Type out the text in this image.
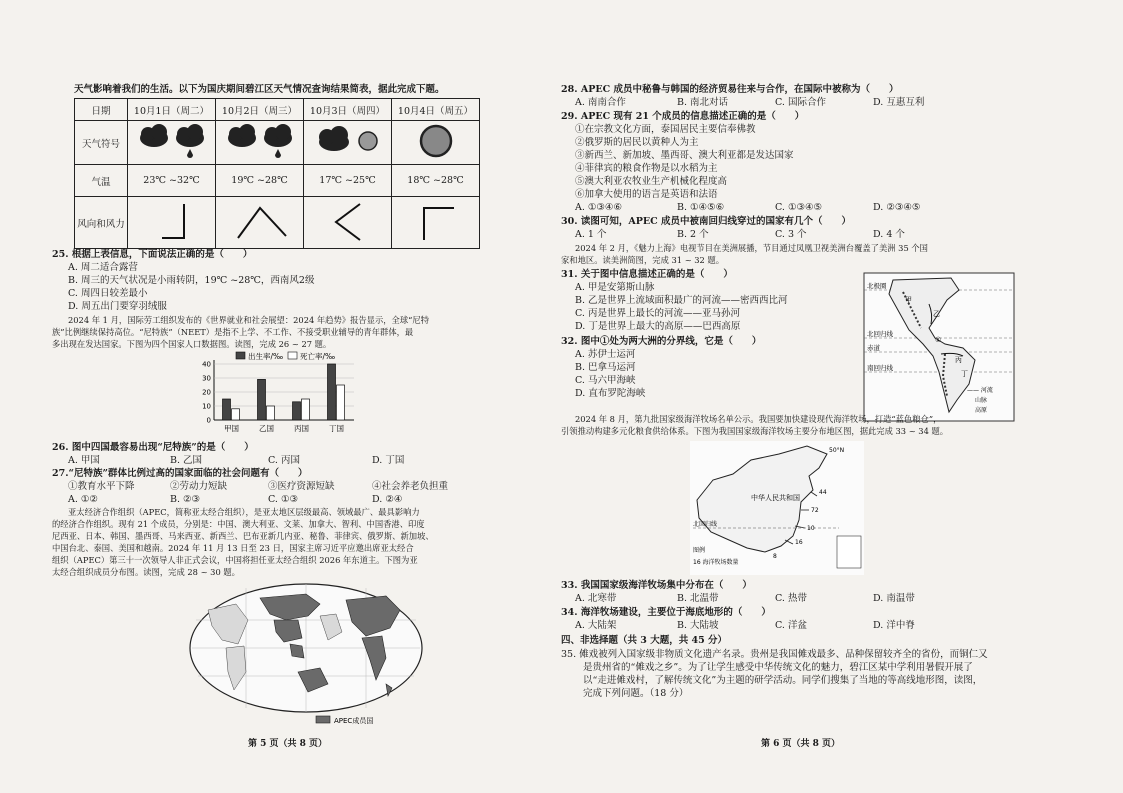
天气影响着我们的生活。以下为国庆期间碧江区天气情况查询结果简表，据此完成下题。
日期	10月1日（周二）	10月2日（周三）	10月3日（周四）	10月4日（周五）
天气符号				
气温	23℃ ~32℃	19℃ ~28℃	17℃ ~25℃	18℃ ~28℃
风向和风力				
25. 根据上表信息，下面说法正确的是（　　）
A. 周二适合露营
B. 周三的天气状况是小雨转阴，19℃ ~28℃，西南风2级
C. 周四日较差最小
D. 周五出门要穿羽绒服
2024 年 1 月，国际劳工组织发布的《世界就业和社会展望：2024 年趋势》报告显示，全球“尼特
族”比例继续保持高位。“尼特族”（NEET）是指不上学、不工作、不接受职业辅导的青年群体，最
多出现在发达国家。下图为四个国家人口数据图。读图，完成 26 ~ 27 题。
0
10
20
30
40
甲国	乙国	丙国	丁国
出生率/‰ 死亡率/‰
26. 图中四国最容易出现“尼特族”的是（　　）
A. 甲国	B. 乙国	C. 丙国	D. 丁国
27.“尼特族”群体比例过高的国家面临的社会问题有（　　）
①教育水平下降	②劳动力短缺	③医疗资源短缺	④社会养老负担重
A. ①②	B. ②③	C. ①③	D. ②④
亚太经济合作组织（APEC，简称亚太经合组织），是亚太地区层级最高、领域最广、最具影响力
的经济合作组织。现有 21 个成员，分别是：中国、澳大利亚、文莱、加拿大、智利、中国香港、印度
尼西亚、日本、韩国、墨西哥、马来西亚、新西兰、巴布亚新几内亚、秘鲁、菲律宾、俄罗斯、新加坡、
中国台北、泰国、美国和越南。2024 年 11 月 13 日至 23 日，国家主席习近平应邀出席亚太经合
组织（APEC）第三十一次领导人非正式会议，中国将担任亚太经合组织 2026 年东道主。下图为亚
太经合组织成员分布图。读图，完成 28 ~ 30 题。
APEC成员国
第 5 页（共 8 页）
28. APEC 成员中秘鲁与韩国的经济贸易往来与合作，在国际中被称为（　　）
A. 南南合作	B. 南北对话	C. 国际合作	D. 互惠互利
29. APEC 现有 21 个成员的信息描述正确的是（　　）
①在宗教文化方面，泰国居民主要信奉佛教
②俄罗斯的居民以黄种人为主
③新西兰、新加坡、墨西哥、澳大利亚都是发达国家
④菲律宾的粮食作物是以水稻为主
⑤澳大利亚农牧业生产机械化程度高
⑥加拿大使用的语言是英语和法语
A. ①③④⑥	B. ①④⑤⑥	C. ①③④⑤	D. ②③④⑤
30. 读图可知，APEC 成员中被南回归线穿过的国家有几个（　　）
A. 1 个	B. 2 个	C. 3 个	D. 4 个
2024 年 2 月，《魅力上海》电视节目在美洲展播，节目通过凤凰卫视美洲台覆盖了美洲 35 个国
家和地区。读美洲简图，完成 31 ~ 32 题。
31. 关于图中信息描述正确的是（　　）
A. 甲是安第斯山脉
B. 乙是世界上流域面积最广的河流——密西西比河
C. 丙是世界上最长的河流——亚马孙河
D. 丁是世界上最大的高原——巴西高原
32. 图中①处为两大洲的分界线，它是（　　）
A. 苏伊士运河
B. 巴拿马运河
C. 马六甲海峡
D. 直布罗陀海峡
北极圈
北回归线
赤道
南回归线
甲
乙
丙
丁
①
—— 河流
山脉
高原
2024 年 8 月，第九批国家级海洋牧场名单公示。我国要加快建设现代海洋牧场，打造“蓝色粮仓”，
引领推动构建多元化粮食供给体系。下图为我国国家级海洋牧场主要分布地区图，据此完成 33 ~ 34 题。
中华人民共和国
北回归线
图例
16 海洋牧场数量
50°N
44
72
10
16
8
33. 我国国家级海洋牧场集中分布在（　　）
A. 北寒带	B. 北温带	C. 热带	D. 南温带
34. 海洋牧场建设，主要位于海底地形的（　　）
A. 大陆架	B. 大陆坡	C. 洋盆	D. 洋中脊
四、非选择题（共 3 大题，共 45 分）
35. 傩戏被列入国家级非物质文化遗产名录。贵州是我国傩戏最多、品种保留较齐全的省份，而铜仁又
是贵州省的“傩戏之乡”。为了让学生感受中华传统文化的魅力，碧江区某中学利用暑假开展了
以“走进傩戏村，了解传统文化”为主题的研学活动。同学们搜集了当地的等高线地形图，读图，
完成下列问题。（18 分）
第 6 页（共 8 页）
